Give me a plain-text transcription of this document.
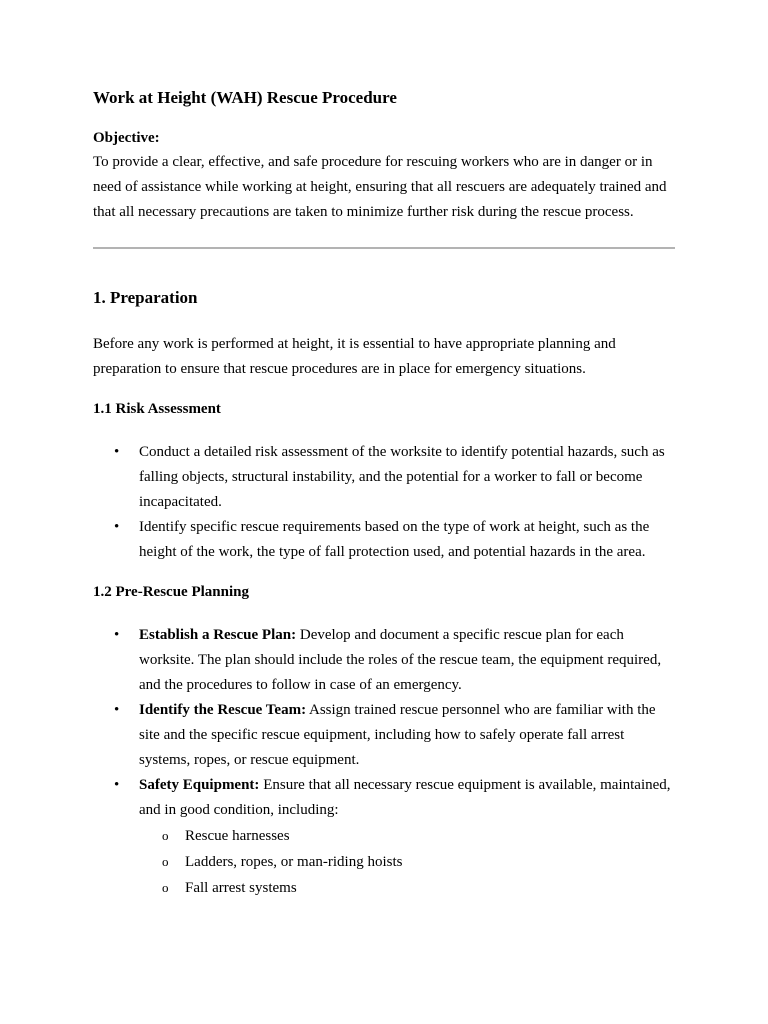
Work at Height (WAH) Rescue Procedure
Objective:

To provide a clear, effective, and safe procedure for rescuing workers who are in danger or in need of assistance while working at height, ensuring that all rescuers are adequately trained and that all necessary precautions are taken to minimize further risk during the rescue process.

1. Preparation

Before any work is performed at height, it is essential to have appropriate planning and preparation to ensure that rescue procedures are in place for emergency situations.

1.1 Risk Assessment
• Conduct a detailed risk assessment of the worksite to identify potential hazards, such as falling objects, structural instability, and the potential for a worker to fall or become incapacitated.
• Identify specific rescue requirements based on the type of work at height, such as the height of the work, the type of fall protection used, and potential hazards in the area.
1.2 Pre-Rescue Planning
• Establish a Rescue Plan: Develop and document a specific rescue plan for each worksite. The plan should include the roles of the rescue team, the equipment required, and the procedures to follow in case of an emergency.
• Identify the Rescue Team: Assign trained rescue personnel who are familiar with the site and the specific rescue equipment, including how to safely operate fall arrest systems, ropes, or rescue equipment.
• Safety Equipment: Ensure that all necessary rescue equipment is available, maintained, and in good condition, including:
o Rescue harnesses
o Ladders, ropes, or man-riding hoists
o Fall arrest systems
